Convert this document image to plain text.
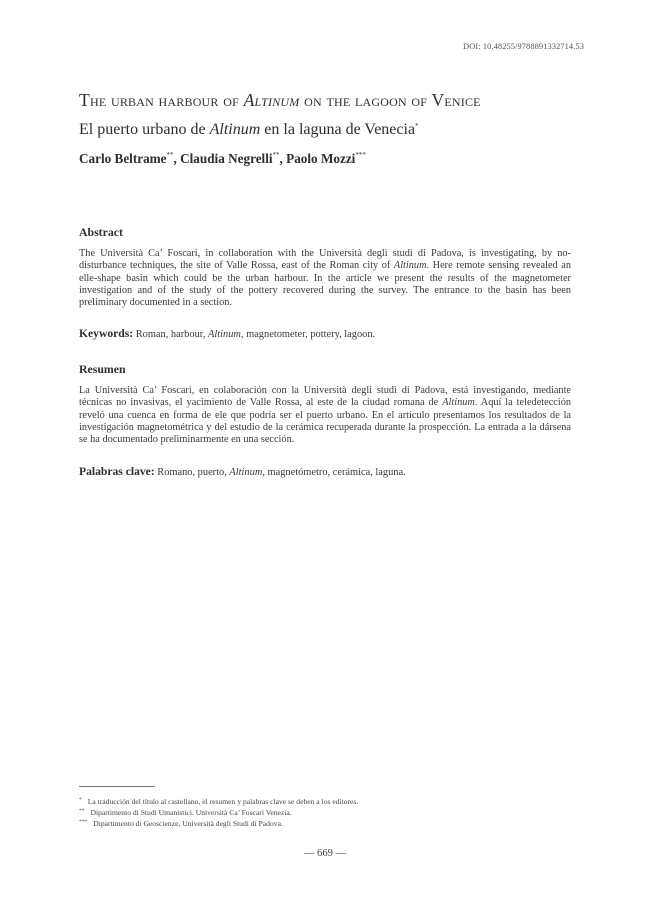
DOI: 10.48255/9788891332714.53
The urban harbour of Altinum on the lagoon of Venice
El puerto urbano de Altinum en la laguna de Venecia*
Carlo Beltrame**, Claudia Negrelli**, Paolo Mozzi***
Abstract
The Università Ca’ Foscari, in collaboration with the Università degli studi di Padova, is investigating, by no-disturbance techniques, the site of Valle Rossa, east of the Roman city of Altinum. Here remote sensing revealed an elle-shape basin which could be the urban harbour. In the article we present the results of the magnetometer investigation and of the study of the pottery recovered during the survey. The entrance to the basin has been preliminary documented in a section.
Keywords: Roman, harbour, Altinum, magnetometer, pottery, lagoon.
Resumen
La Università Ca’ Foscari, en colaboración con la Università degli studi di Padova, está investigando, mediante técnicas no invasivas, el yacimiento de Valle Rossa, al este de la ciudad romana de Altinum. Aquí la teledetección reveló una cuenca en forma de ele que podría ser el puerto urbano. En el artículo presentamos los resultados de la investigación magnetométrica y del estudio de la cerámica recuperada durante la prospección. La entrada a la dársena se ha documentado preliminarmente en una sección.
Palabras clave: Romano, puerto, Altinum, magnetómetro, cerámica, laguna.
* La traducción del título al castellano, el resumen y palabras clave se deben a los editores.
** Dipartimento di Studi Umanistici. Università Ca’ Foscari Venezia.
*** Dipartimento di Geoscienze, Università degli Studi di Padova.
— 669 —
